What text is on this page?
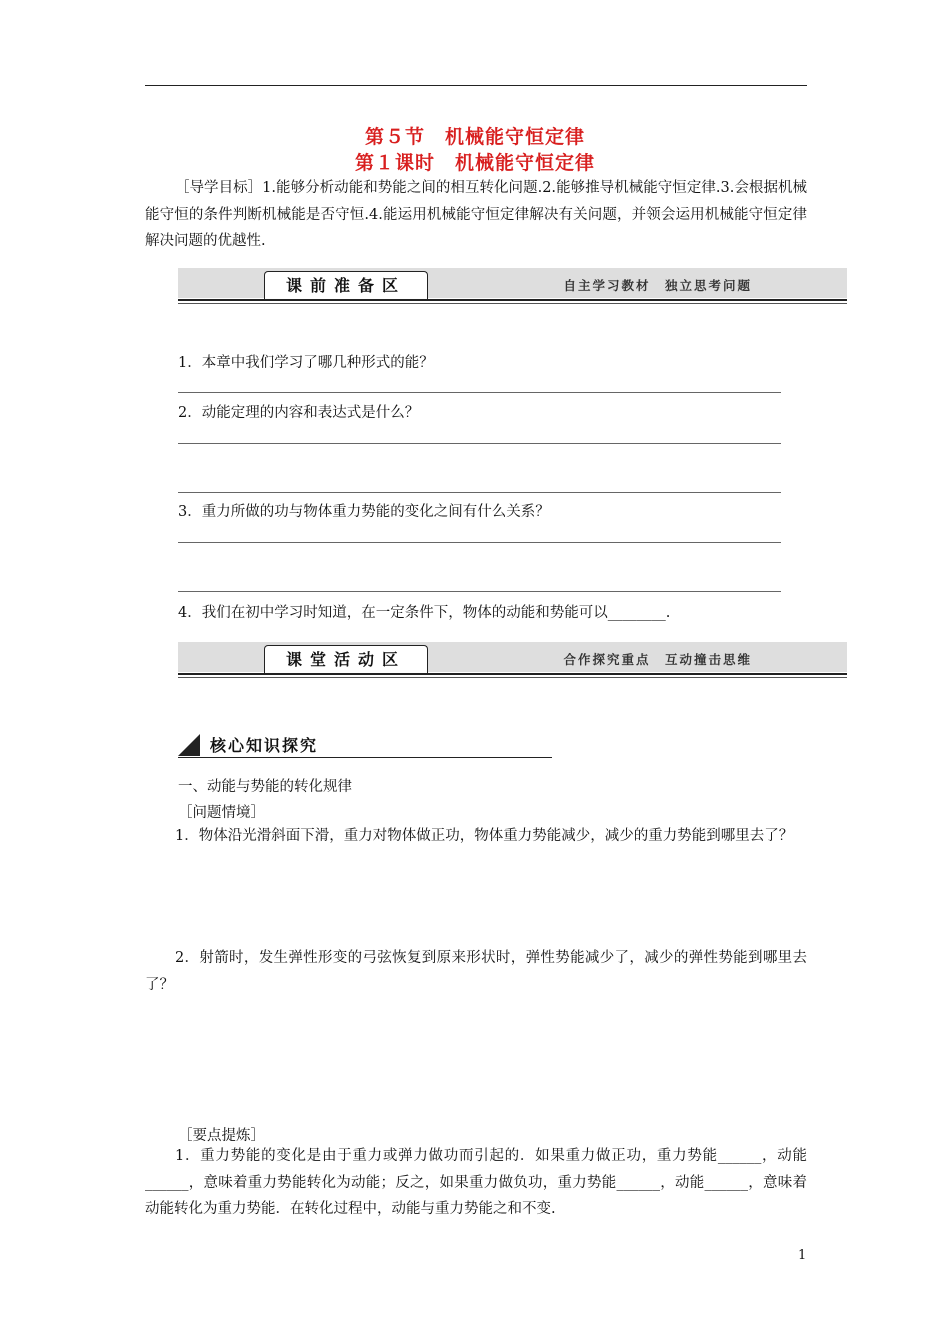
第５节　机械能守恒定律
第１课时　机械能守恒定律
［导学目标］1.能够分析动能和势能之间的相互转化问题.2.能够推导机械能守恒定律.3.会根据机械能守恒的条件判断机械能是否守恒.4.能运用机械能守恒定律解决有关问题，并领会运用机械能守恒定律解决问题的优越性.
课前准备区	自主学习教材　独立思考问题
1．本章中我们学习了哪几种形式的能？
2．动能定理的内容和表达式是什么？
3．重力所做的功与物体重力势能的变化之间有什么关系？
4．我们在初中学习时知道，在一定条件下，物体的动能和势能可以________.
课堂活动区	合作探究重点　互动撞击思维
核心知识探究
一、动能与势能的转化规律
［问题情境］
1．物体沿光滑斜面下滑，重力对物体做正功，物体重力势能减少，减少的重力势能到哪里去了？
2．射箭时，发生弹性形变的弓弦恢复到原来形状时，弹性势能减少了，减少的弹性势能到哪里去了？
［要点提炼］
1．重力势能的变化是由于重力或弹力做功而引起的．如果重力做正功，重力势能______，动能______，意味着重力势能转化为动能；反之，如果重力做负功，重力势能______，动能______，意味着动能转化为重力势能．在转化过程中，动能与重力势能之和不变.
1
